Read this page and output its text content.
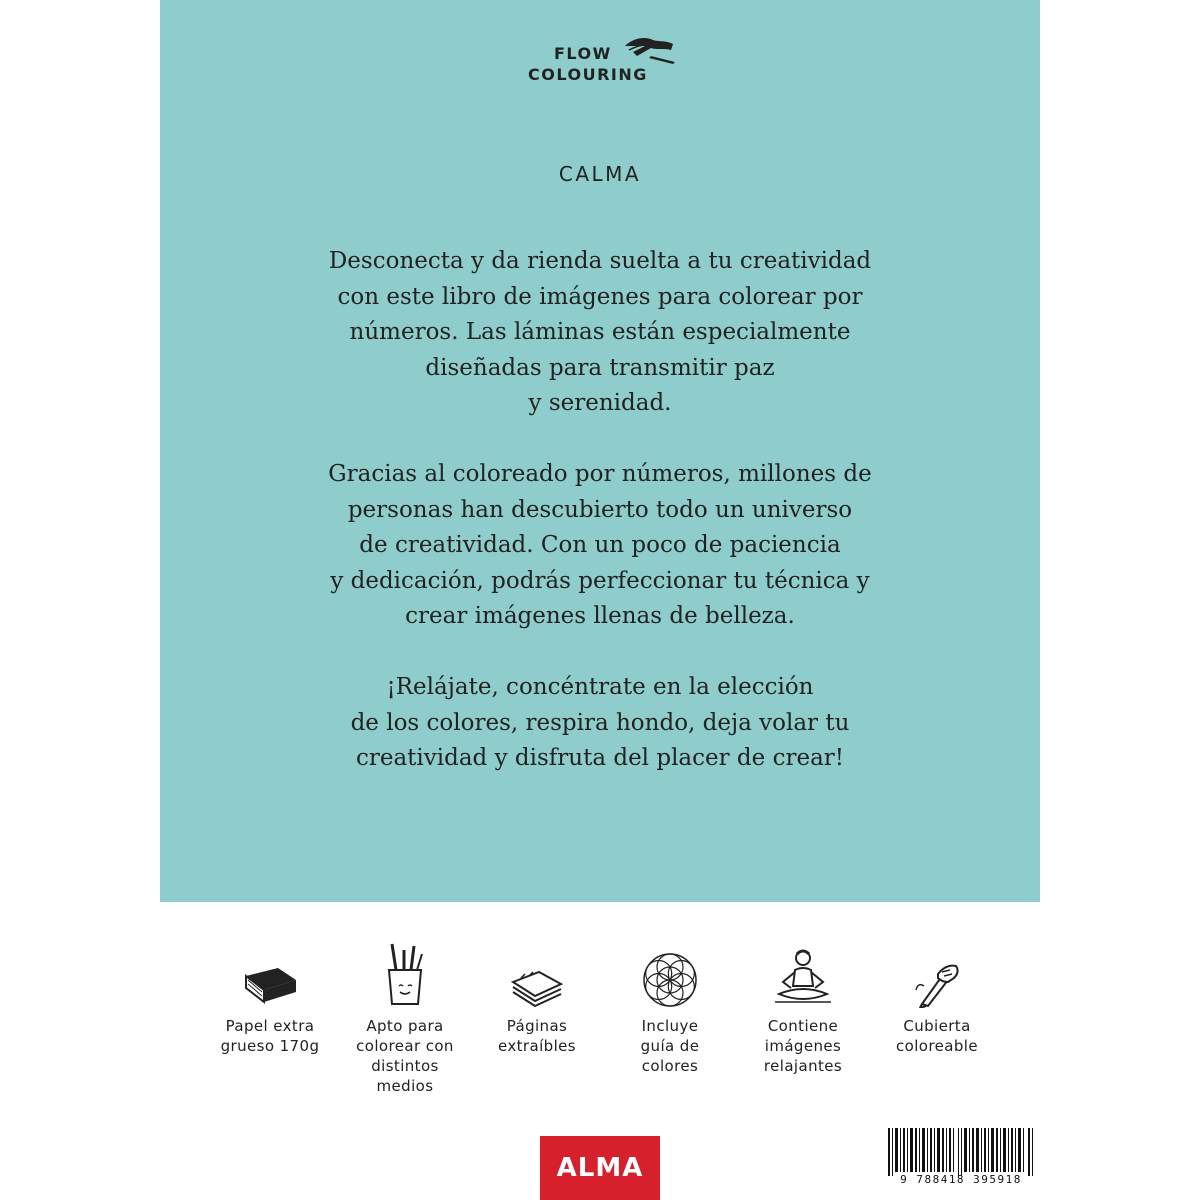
FLOW
COLOURING
CALMA
Desconecta y da rienda suelta a tu creatividad
con este libro de imágenes para colorear por
números. Las láminas están especialmente
diseñadas para transmitir paz
y serenidad.
Gracias al coloreado por números, millones de
personas han descubierto todo un universo
de creatividad. Con un poco de paciencia
y dedicación, podrás perfeccionar tu técnica y
crear imágenes llenas de belleza.
¡Relájate, concéntrate en la elección
de los colores, respira hondo, deja volar tu
creatividad y disfruta del placer de crear!
Papel extra
grueso 170g
Apto para
colorear con
distintos
medios
Páginas
extraíbles
Incluye
guía de
colores
Contiene
imágenes
relajantes
Cubierta
coloreable
ALMA	9 788418 395918
